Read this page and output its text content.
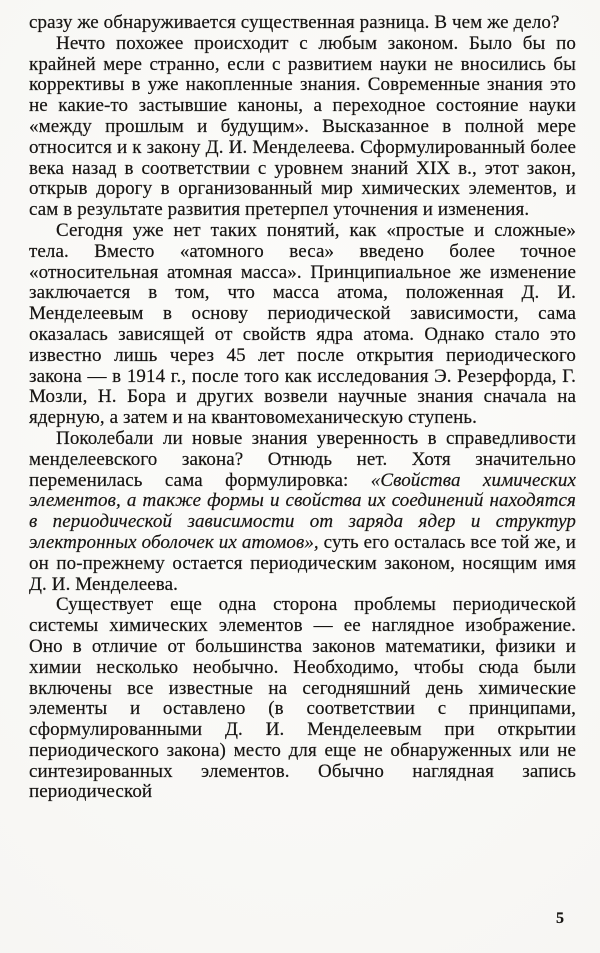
сразу же обнаруживается существенная разница. В чем же дело?

Нечто похожее происходит с любым законом. Было бы по крайней мере странно, если с развитием науки не вносились бы коррективы в уже накопленные знания. Современные знания это не какие-то застывшие каноны, а переходное состояние науки «между прошлым и будущим». Высказанное в полной мере относится и к закону Д. И. Менделеева. Сформулированный более века назад в соответствии с уровнем знаний XIX в., этот закон, открыв дорогу в организованный мир химических элементов, и сам в результате развития претерпел уточнения и изменения.

Сегодня уже нет таких понятий, как «простые и сложные» тела. Вместо «атомного веса» введено более точное «относительная атомная масса». Принципиальное же изменение заключается в том, что масса атома, положенная Д. И. Менделеевым в основу периодической зависимости, сама оказалась зависящей от свойств ядра атома. Однако стало это известно лишь через 45 лет после открытия периодического закона — в 1914 г., после того как исследования Э. Резерфорда, Г. Мозли, Н. Бора и других возвели научные знания сначала на ядерную, а затем и на квантовомеханическую ступень.

Поколебали ли новые знания уверенность в справедливости менделеевского закона? Отнюдь нет. Хотя значительно переменилась сама формулировка: «Свойства химических элементов, а также формы и свойства их соединений находятся в периодической зависимости от заряда ядер и структур электронных оболочек их атомов», суть его осталась все той же, и он по-прежнему остается периодическим законом, носящим имя Д. И. Менделеева.

Существует еще одна сторона проблемы периодической системы химических элементов — ее наглядное изображение. Оно в отличие от большинства законов математики, физики и химии несколько необычно. Необходимо, чтобы сюда были включены все известные на сегодняшний день химические элементы и оставлено (в соответствии с принципами, сформулированными Д. И. Менделеевым при открытии периодического закона) место для еще не обнаруженных или не синтезированных элементов. Обычно наглядная запись периодической

5
